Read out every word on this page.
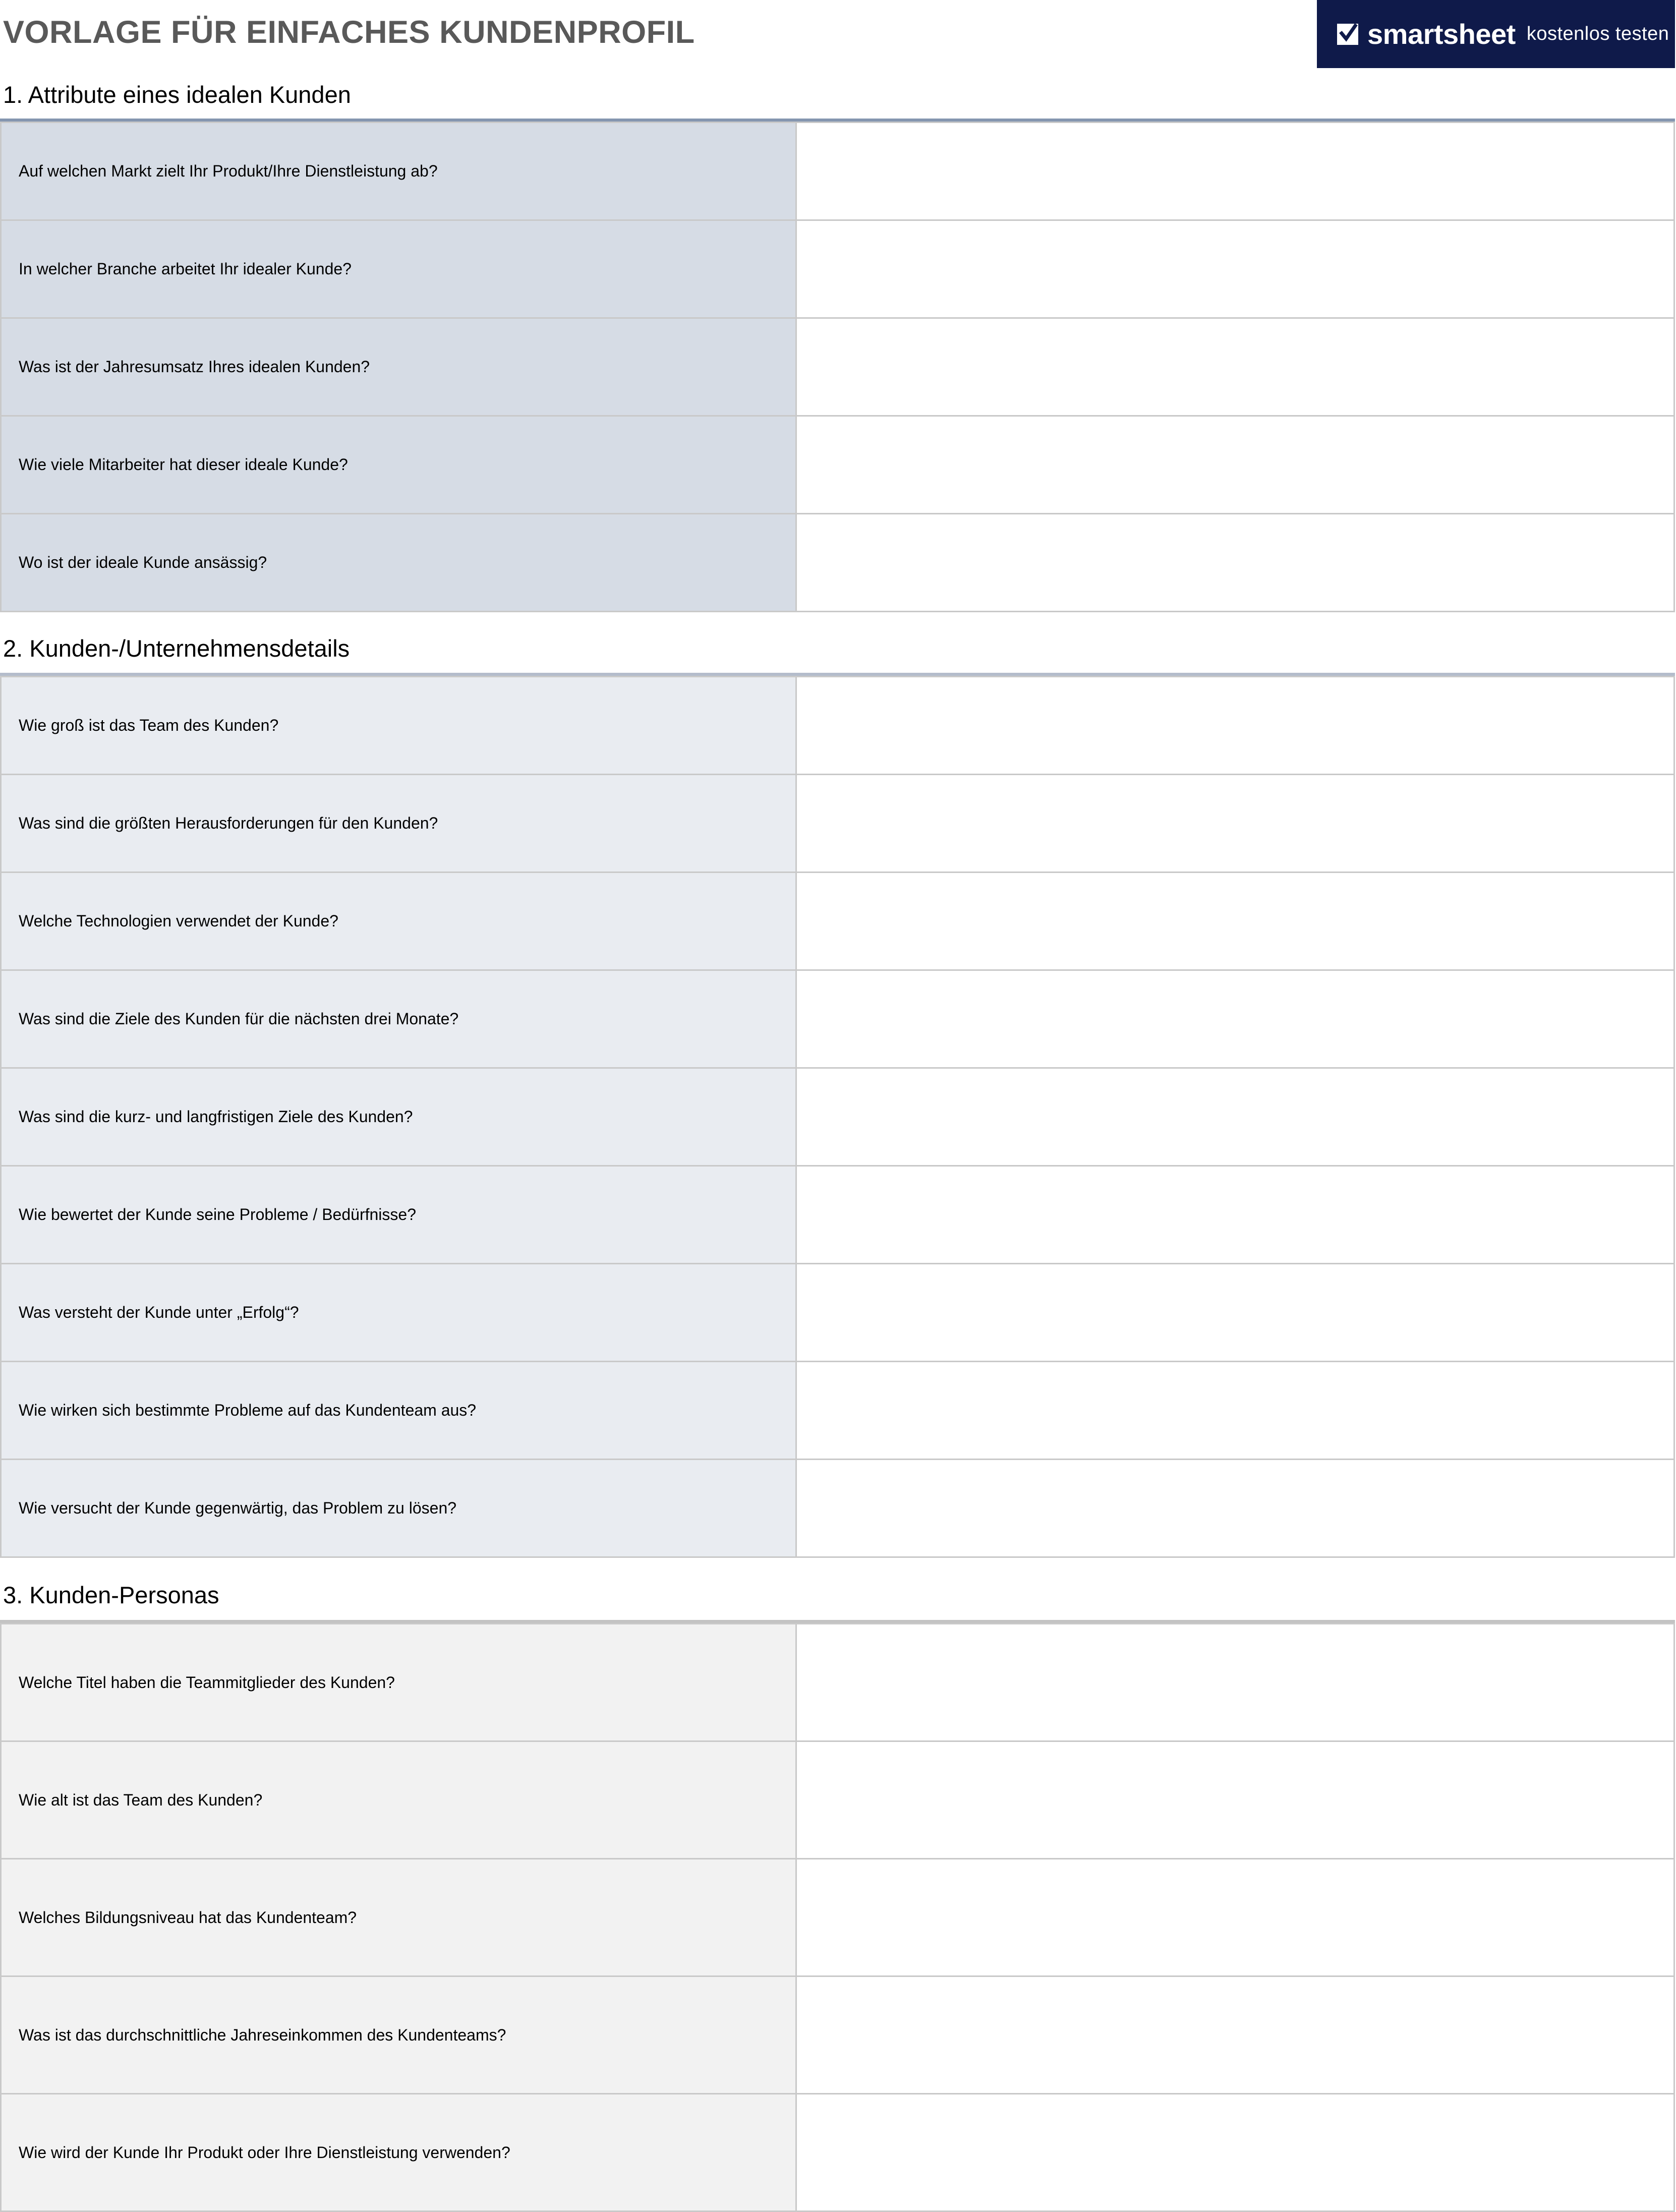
VORLAGE FÜR EINFACHES KUNDENPROFIL	smartsheet kostenlos testen
1. Attribute eines idealen Kunden
Auf welchen Markt zielt Ihr Produkt/Ihre Dienstleistung ab?	

In welcher Branche arbeitet Ihr idealer Kunde?	

Was ist der Jahresumsatz Ihres idealen Kunden?	

Wie viele Mitarbeiter hat dieser ideale Kunde?	

Wo ist der ideale Kunde ansässig?	
2. Kunden-/Unternehmensdetails
Wie groß ist das Team des Kunden?	

Was sind die größten Herausforderungen für den Kunden?	

Welche Technologien verwendet der Kunde?	

Was sind die Ziele des Kunden für die nächsten drei Monate?	

Was sind die kurz- und langfristigen Ziele des Kunden?	

Wie bewertet der Kunde seine Probleme / Bedürfnisse?	

Was versteht der Kunde unter „Erfolg“?	

Wie wirken sich bestimmte Probleme auf das Kundenteam aus?	

Wie versucht der Kunde gegenwärtig, das Problem zu lösen?	
3. Kunden-Personas
Welche Titel haben die Teammitglieder des Kunden?	

Wie alt ist das Team des Kunden?	

Welches Bildungsniveau hat das Kundenteam?	

Was ist das durchschnittliche Jahreseinkommen des Kundenteams?	

Wie wird der Kunde Ihr Produkt oder Ihre Dienstleistung verwenden?	
